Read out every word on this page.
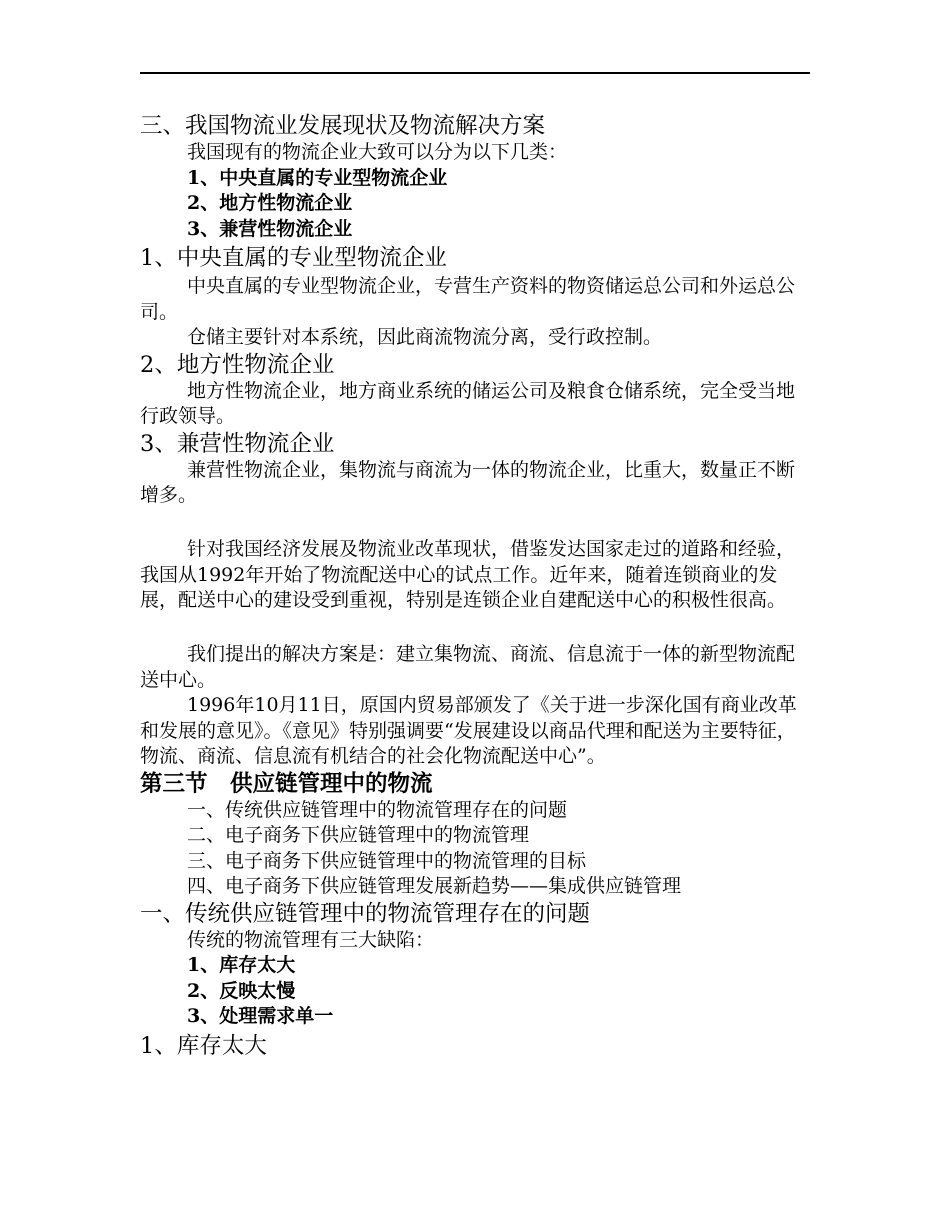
三、我国物流业发展现状及物流解决方案
我国现有的物流企业大致可以分为以下几类：
1、中央直属的专业型物流企业
2、地方性物流企业
3、兼营性物流企业
1、中央直属的专业型物流企业
中央直属的专业型物流企业，专营生产资料的物资储运总公司和外运总公司。
仓储主要针对本系统，因此商流物流分离，受行政控制。
2、地方性物流企业
地方性物流企业，地方商业系统的储运公司及粮食仓储系统，完全受当地行政领导。
3、兼营性物流企业
兼营性物流企业，集物流与商流为一体的物流企业，比重大，数量正不断增多。
针对我国经济发展及物流业改革现状，借鉴发达国家走过的道路和经验，我国从1992年开始了物流配送中心的试点工作。近年来，随着连锁商业的发展，配送中心的建设受到重视，特别是连锁企业自建配送中心的积极性很高。
我们提出的解决方案是：建立集物流、商流、信息流于一体的新型物流配送中心。
1996年10月11日，原国内贸易部颁发了《关于进一步深化国有商业改革和发展的意见》。《意见》特别强调要“发展建设以商品代理和配送为主要特征，物流、商流、信息流有机结合的社会化物流配送中心”。
第三节　供应链管理中的物流
一、传统供应链管理中的物流管理存在的问题
二、电子商务下供应链管理中的物流管理
三、电子商务下供应链管理中的物流管理的目标
四、电子商务下供应链管理发展新趋势——集成供应链管理
一、传统供应链管理中的物流管理存在的问题
传统的物流管理有三大缺陷：
1、库存太大
2、反映太慢
3、处理需求单一
1、库存太大
